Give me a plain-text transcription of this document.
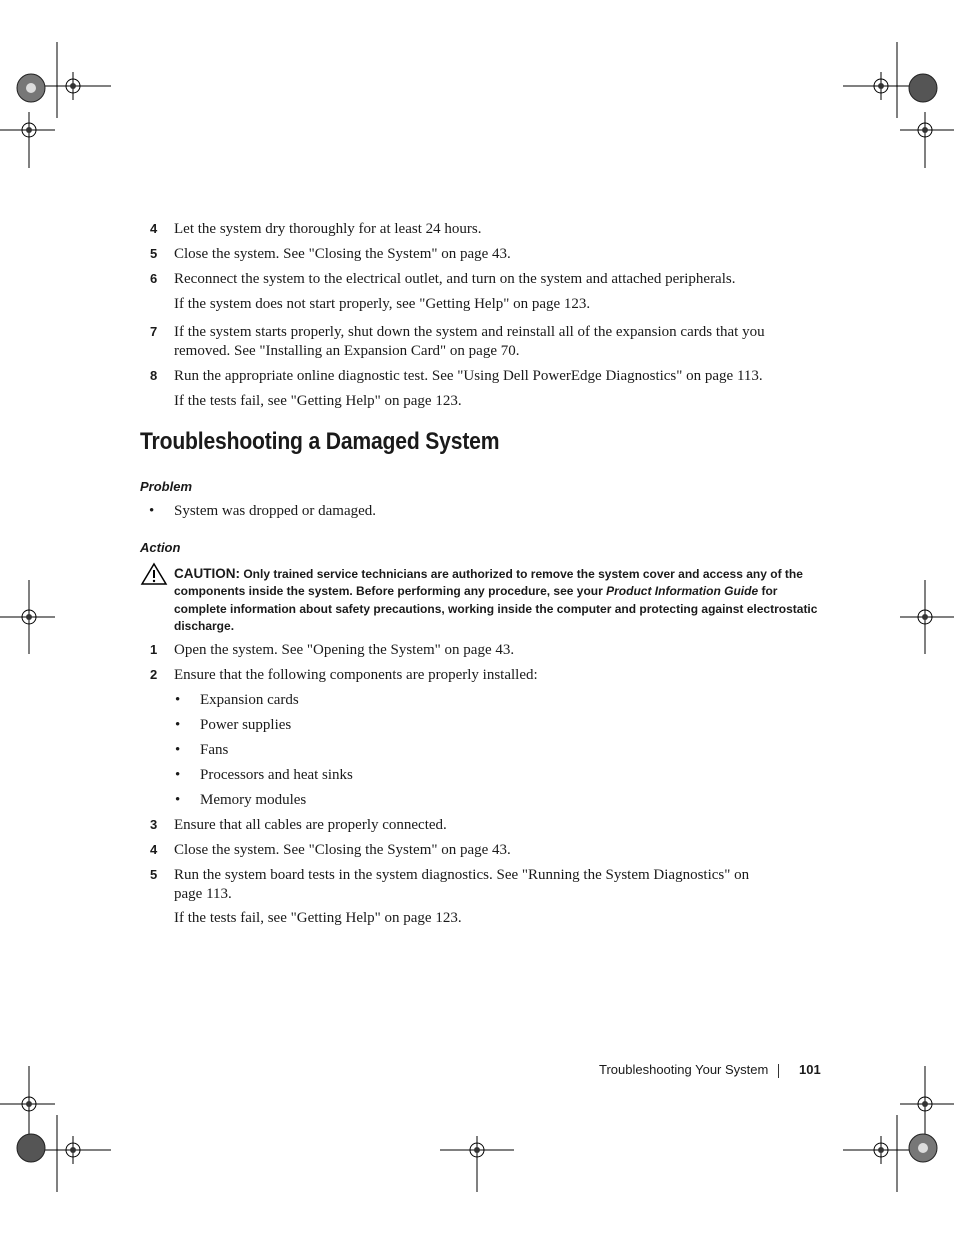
4 Let the system dry thoroughly for at least 24 hours.
5 Close the system. See "Closing the System" on page 43.
6 Reconnect the system to the electrical outlet, and turn on the system and attached peripherals.
If the system does not start properly, see "Getting Help" on page 123.
7 If the system starts properly, shut down the system and reinstall all of the expansion cards that you
removed. See "Installing an Expansion Card" on page 70.
8 Run the appropriate online diagnostic test. See "Using Dell PowerEdge Diagnostics" on page 113.
If the tests fail, see "Getting Help" on page 123.
Troubleshooting a Damaged System
Problem
• System was dropped or damaged.
Action
CAUTION: Only trained service technicians are authorized to remove the system cover and access any of the
components inside the system. Before performing any procedure, see your Product Information Guide for
complete information about safety precautions, working inside the computer and protecting against electrostatic
discharge.
1 Open the system. See "Opening the System" on page 43.
2 Ensure that the following components are properly installed:
• Expansion cards
• Power supplies
• Fans
• Processors and heat sinks
• Memory modules
3 Ensure that all cables are properly connected.
4 Close the system. See "Closing the System" on page 43.
5 Run the system board tests in the system diagnostics. See "Running the System Diagnostics" on
page 113.
If the tests fail, see "Getting Help" on page 123.
Troubleshooting Your System 101
